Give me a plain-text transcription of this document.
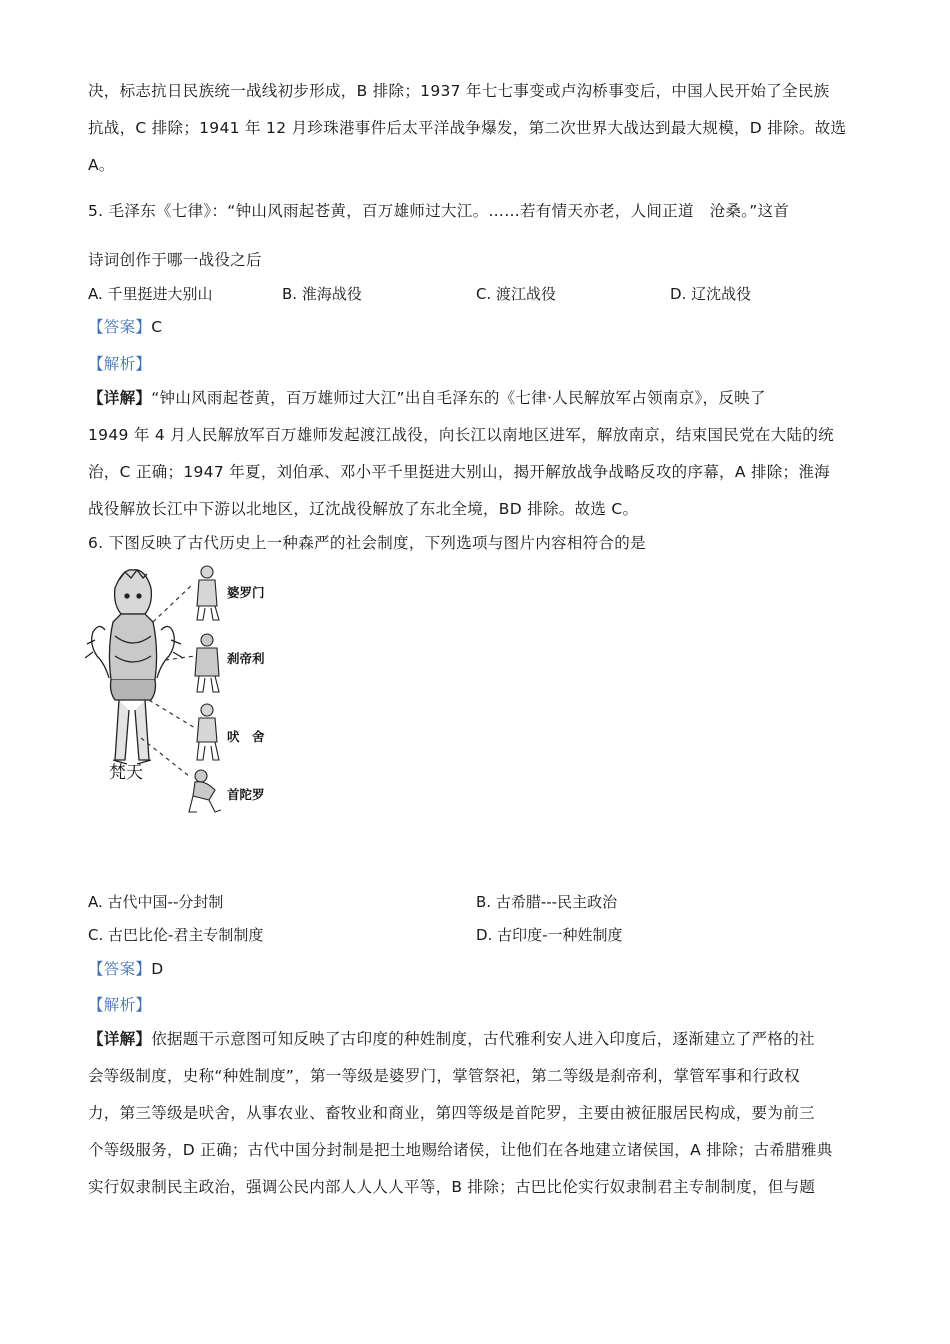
决，标志抗日民族统一战线初步形成，B 排除；1937 年七七事变或卢沟桥事变后，中国人民开始了全民族
抗战，C 排除；1941 年 12 月珍珠港事件后太平洋战争爆发，第二次世界大战达到最大规模，D 排除。故选
A。
5. 毛泽东《七律》：“钟山风雨起苍黄，百万雄师过大江。……若有情天亦老，人间正道　沧桑。”这首
诗词创作于哪一战役之后
A. 千里挺进大别山	B. 淮海战役	C. 渡江战役	D. 辽沈战役
【答案】C
【解析】
【详解】“钟山风雨起苍黄，百万雄师过大江”出自毛泽东的《七律·人民解放军占领南京》，反映了
1949 年 4 月人民解放军百万雄师发起渡江战役，向长江以南地区进军，解放南京，结束国民党在大陆的统
治，C 正确；1947 年夏，刘伯承、邓小平千里挺进大别山，揭开解放战争战略反攻的序幕，A 排除；淮海
战役解放长江中下游以北地区，辽沈战役解放了东北全境，BD 排除。故选 C。
6. 下图反映了古代历史上一种森严的社会制度，下列选项与图片内容相符合的是
梵天
婆罗门
刹帝利
吠　舍
首陀罗
A. 古代中国--分封制	B. 古希腊---民主政治
C. 古巴比伦-君主专制制度	D. 古印度-一种姓制度
【答案】D
【解析】
【详解】依据题干示意图可知反映了古印度的种姓制度，古代雅利安人进入印度后，逐渐建立了严格的社
会等级制度，史称“种姓制度”，第一等级是婆罗门，掌管祭祀，第二等级是刹帝利，掌管军事和行政权
力，第三等级是吠舍，从事农业、畜牧业和商业，第四等级是首陀罗，主要由被征服居民构成，要为前三
个等级服务，D 正确；古代中国分封制是把土地赐给诸侯，让他们在各地建立诸侯国，A 排除；古希腊雅典
实行奴隶制民主政治，强调公民内部人人人人平等，B 排除；古巴比伦实行奴隶制君主专制制度，但与题
